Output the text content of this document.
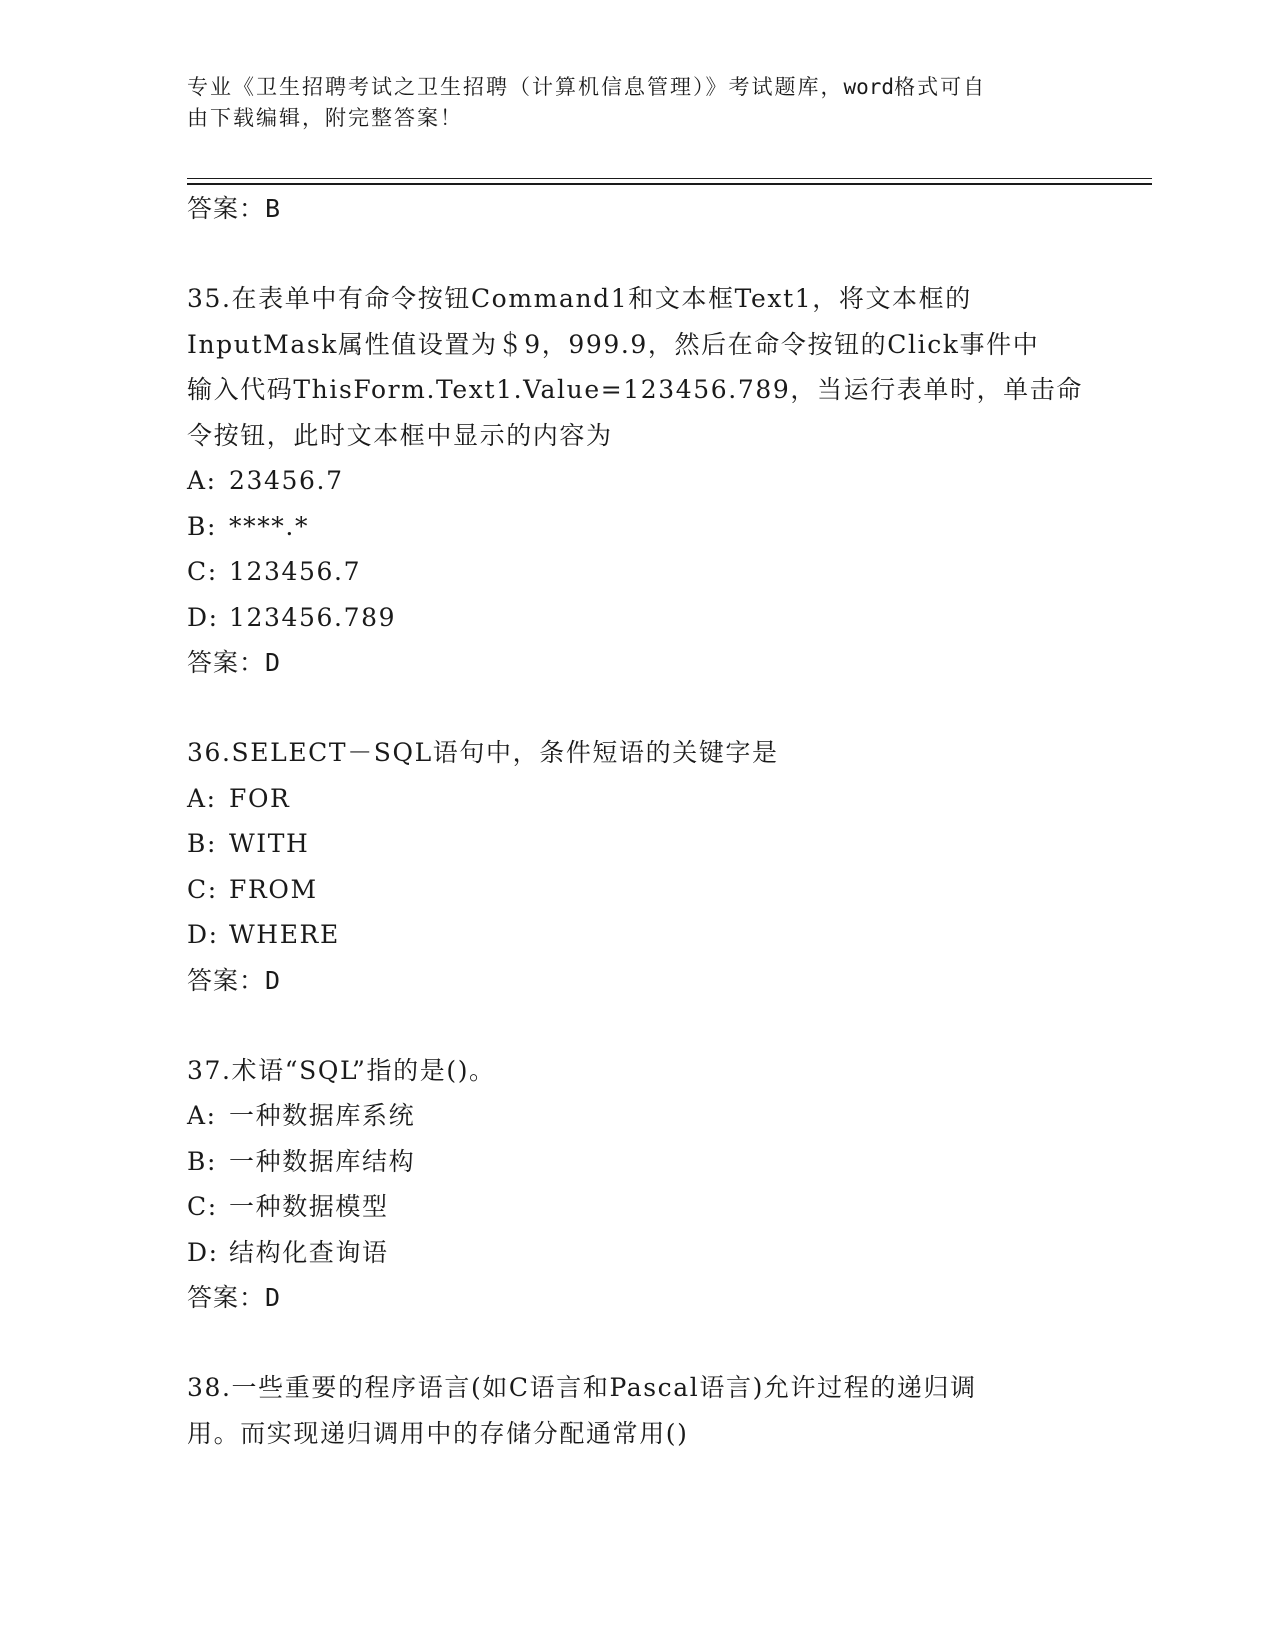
专业《卫生招聘考试之卫生招聘（计算机信息管理）》考试题库，word格式可自
由下载编辑，附完整答案！
答案：B
35.在表单中有命令按钮Command1和文本框Text1，将文本框的
InputMask属性值设置为＄9，999.9，然后在命令按钮的Click事件中
输入代码ThisForm.Text1.Value=123456.789，当运行表单时，单击命
令按钮，此时文本框中显示的内容为
A: 23456.7
B: ****.*
C: 123456.7
D: 123456.789
答案：D
36.SELECT－SQL语句中，条件短语的关键字是
A: FOR
B: WITH
C: FROM
D: WHERE
答案：D
37.术语“SQL”指的是()。
A: 一种数据库系统
B: 一种数据库结构
C: 一种数据模型
D: 结构化查询语
答案：D
38.一些重要的程序语言(如C语言和Pascal语言)允许过程的递归调
用。而实现递归调用中的存储分配通常用()
